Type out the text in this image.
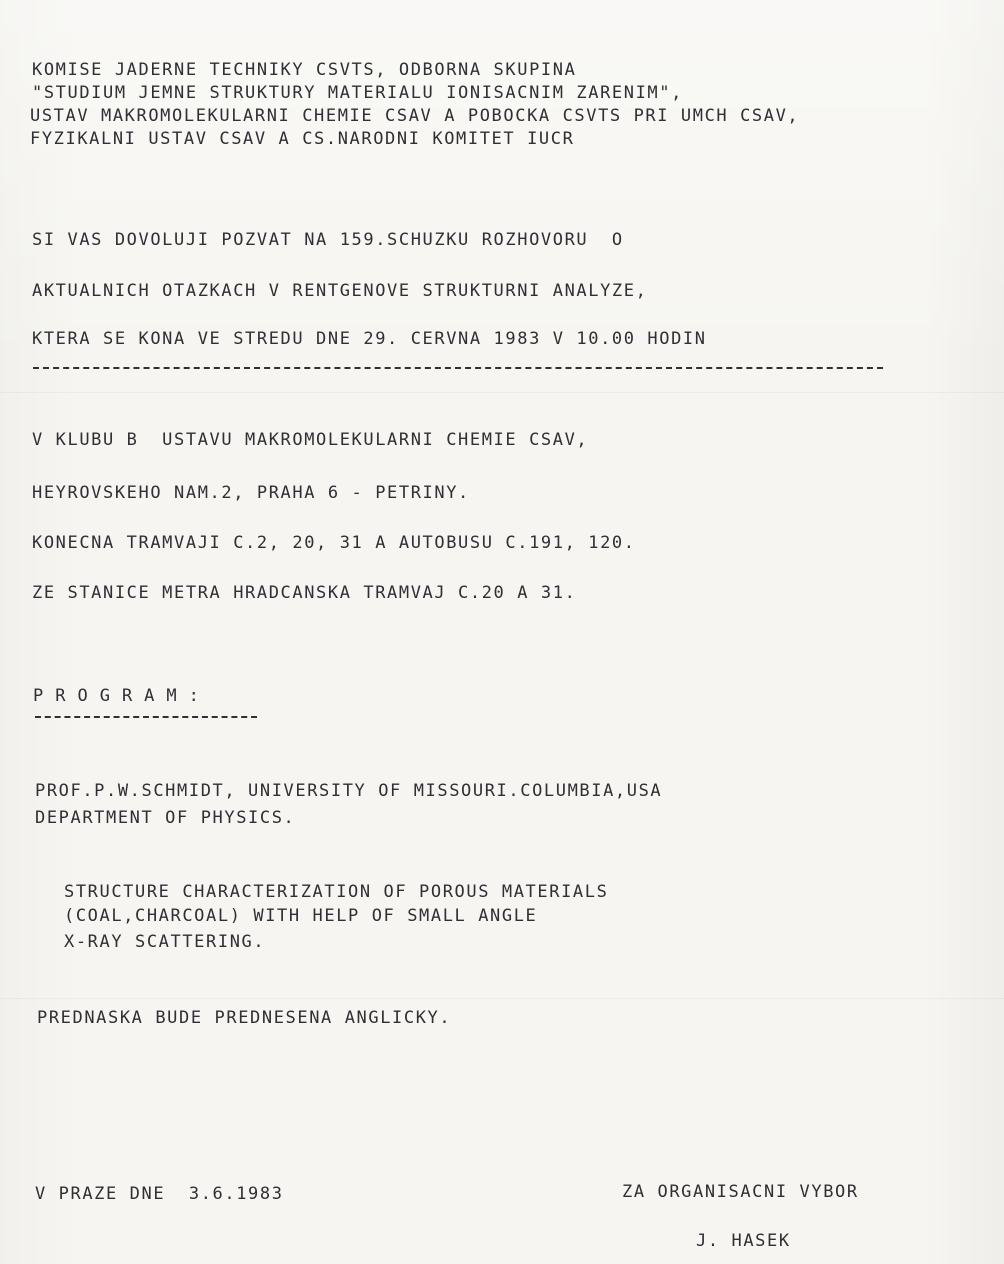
KOMISE JADERNE TECHNIKY CSVTS, ODBORNA SKUPINA
"STUDIUM JEMNE STRUKTURY MATERIALU IONISACNIM ZARENIM",
USTAV MAKROMOLEKULARNI CHEMIE CSAV A POBOCKA CSVTS PRI UMCH CSAV,
FYZIKALNI USTAV CSAV A CS.NARODNI KOMITET IUCR
SI VAS DOVOLUJI POZVAT NA 159.SCHUZKU ROZHOVORU  O
AKTUALNICH OTAZKACH V RENTGENOVE STRUKTURNI ANALYZE,
KTERA SE KONA VE STREDU DNE 29. CERVNA 1983 V 10.00 HODIN
V KLUBU B  USTAVU MAKROMOLEKULARNI CHEMIE CSAV,
HEYROVSKEHO NAM.2, PRAHA 6 - PETRINY.
KONECNA TRAMVAJI C.2, 20, 31 A AUTOBUSU C.191, 120.
ZE STANICE METRA HRADCANSKA TRAMVAJ C.20 A 31.
PROGRAM:
PROF.P.W.SCHMIDT, UNIVERSITY OF MISSOURI.COLUMBIA,USA
DEPARTMENT OF PHYSICS.
STRUCTURE CHARACTERIZATION OF POROUS MATERIALS
(COAL,CHARCOAL) WITH HELP OF SMALL ANGLE
X-RAY SCATTERING.
PREDNASKA BUDE PREDNESENA ANGLICKY.
V PRAZE DNE  3.6.1983	ZA ORGANISACNI VYBOR
J. HASEK
